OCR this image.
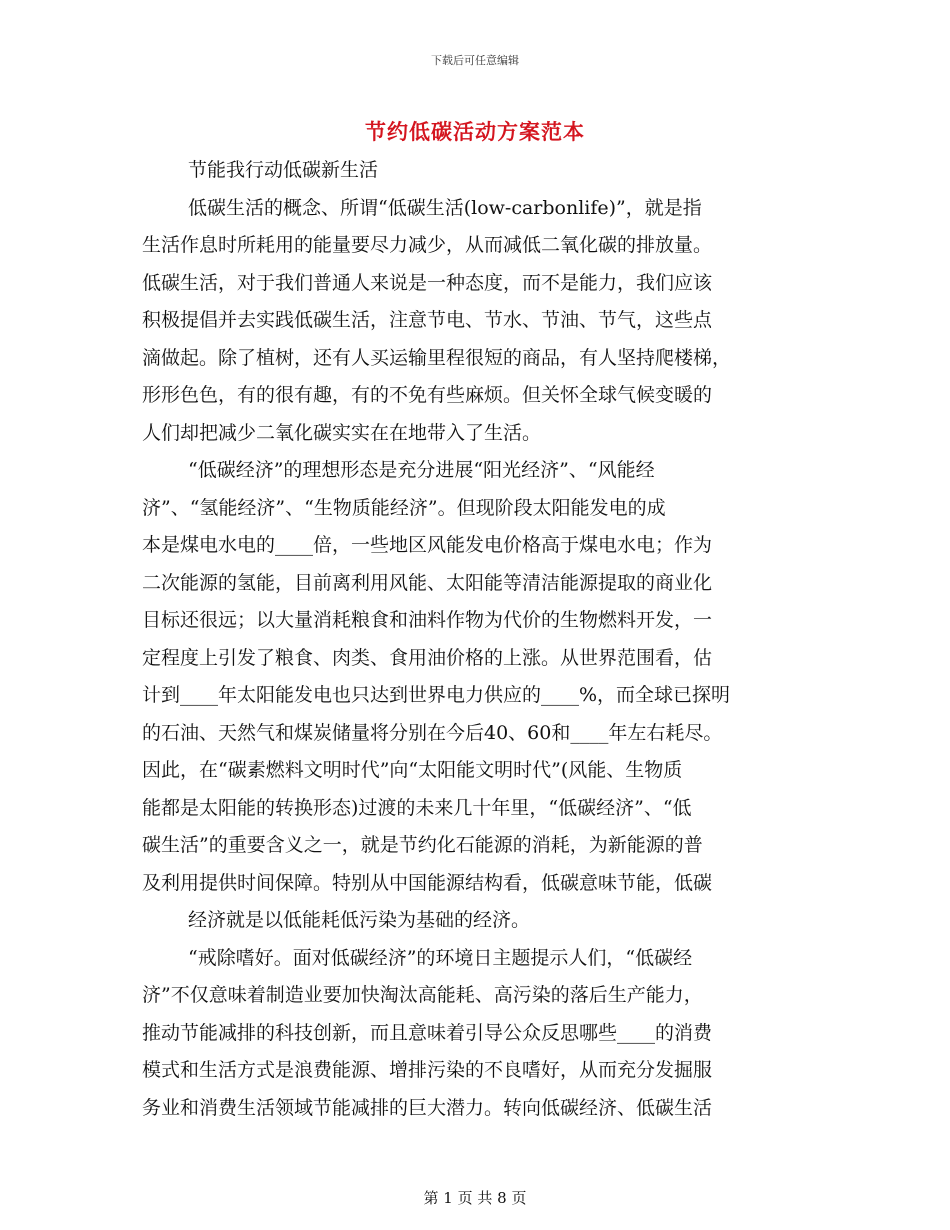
下载后可任意编辑
节约低碳活动方案范本
节能我行动低碳新生活
低碳生活的概念、所谓“低碳生活(low-carbonlife)”，就是指
生活作息时所耗用的能量要尽力减少，从而减低二氧化碳的排放量。
低碳生活，对于我们普通人来说是一种态度，而不是能力，我们应该
积极提倡并去实践低碳生活，注意节电、节水、节油、节气，这些点
滴做起。除了植树，还有人买运输里程很短的商品，有人坚持爬楼梯，
形形色色，有的很有趣，有的不免有些麻烦。但关怀全球气候变暖的
人们却把减少二氧化碳实实在在地带入了生活。
“低碳经济”的理想形态是充分进展“阳光经济”、“风能经
济”、“氢能经济”、“生物质能经济”。但现阶段太阳能发电的成
本是煤电水电的____倍，一些地区风能发电价格高于煤电水电；作为
二次能源的氢能，目前离利用风能、太阳能等清洁能源提取的商业化
目标还很远；以大量消耗粮食和油料作物为代价的生物燃料开发，一
定程度上引发了粮食、肉类、食用油价格的上涨。从世界范围看，估
计到____年太阳能发电也只达到世界电力供应的____%，而全球已探明
的石油、天然气和煤炭储量将分别在今后40、60和____年左右耗尽。
因此，在“碳素燃料文明时代”向“太阳能文明时代”(风能、生物质
能都是太阳能的转换形态)过渡的未来几十年里，“低碳经济”、“低
碳生活”的重要含义之一，就是节约化石能源的消耗，为新能源的普
及利用提供时间保障。特别从中国能源结构看，低碳意味节能，低碳
经济就是以低能耗低污染为基础的经济。
“戒除嗜好。面对低碳经济”的环境日主题提示人们，“低碳经
济”不仅意味着制造业要加快淘汰高能耗、高污染的落后生产能力，
推动节能减排的科技创新，而且意味着引导公众反思哪些____的消费
模式和生活方式是浪费能源、增排污染的不良嗜好，从而充分发掘服
务业和消费生活领域节能减排的巨大潜力。转向低碳经济、低碳生活
第 1 页 共 8 页
